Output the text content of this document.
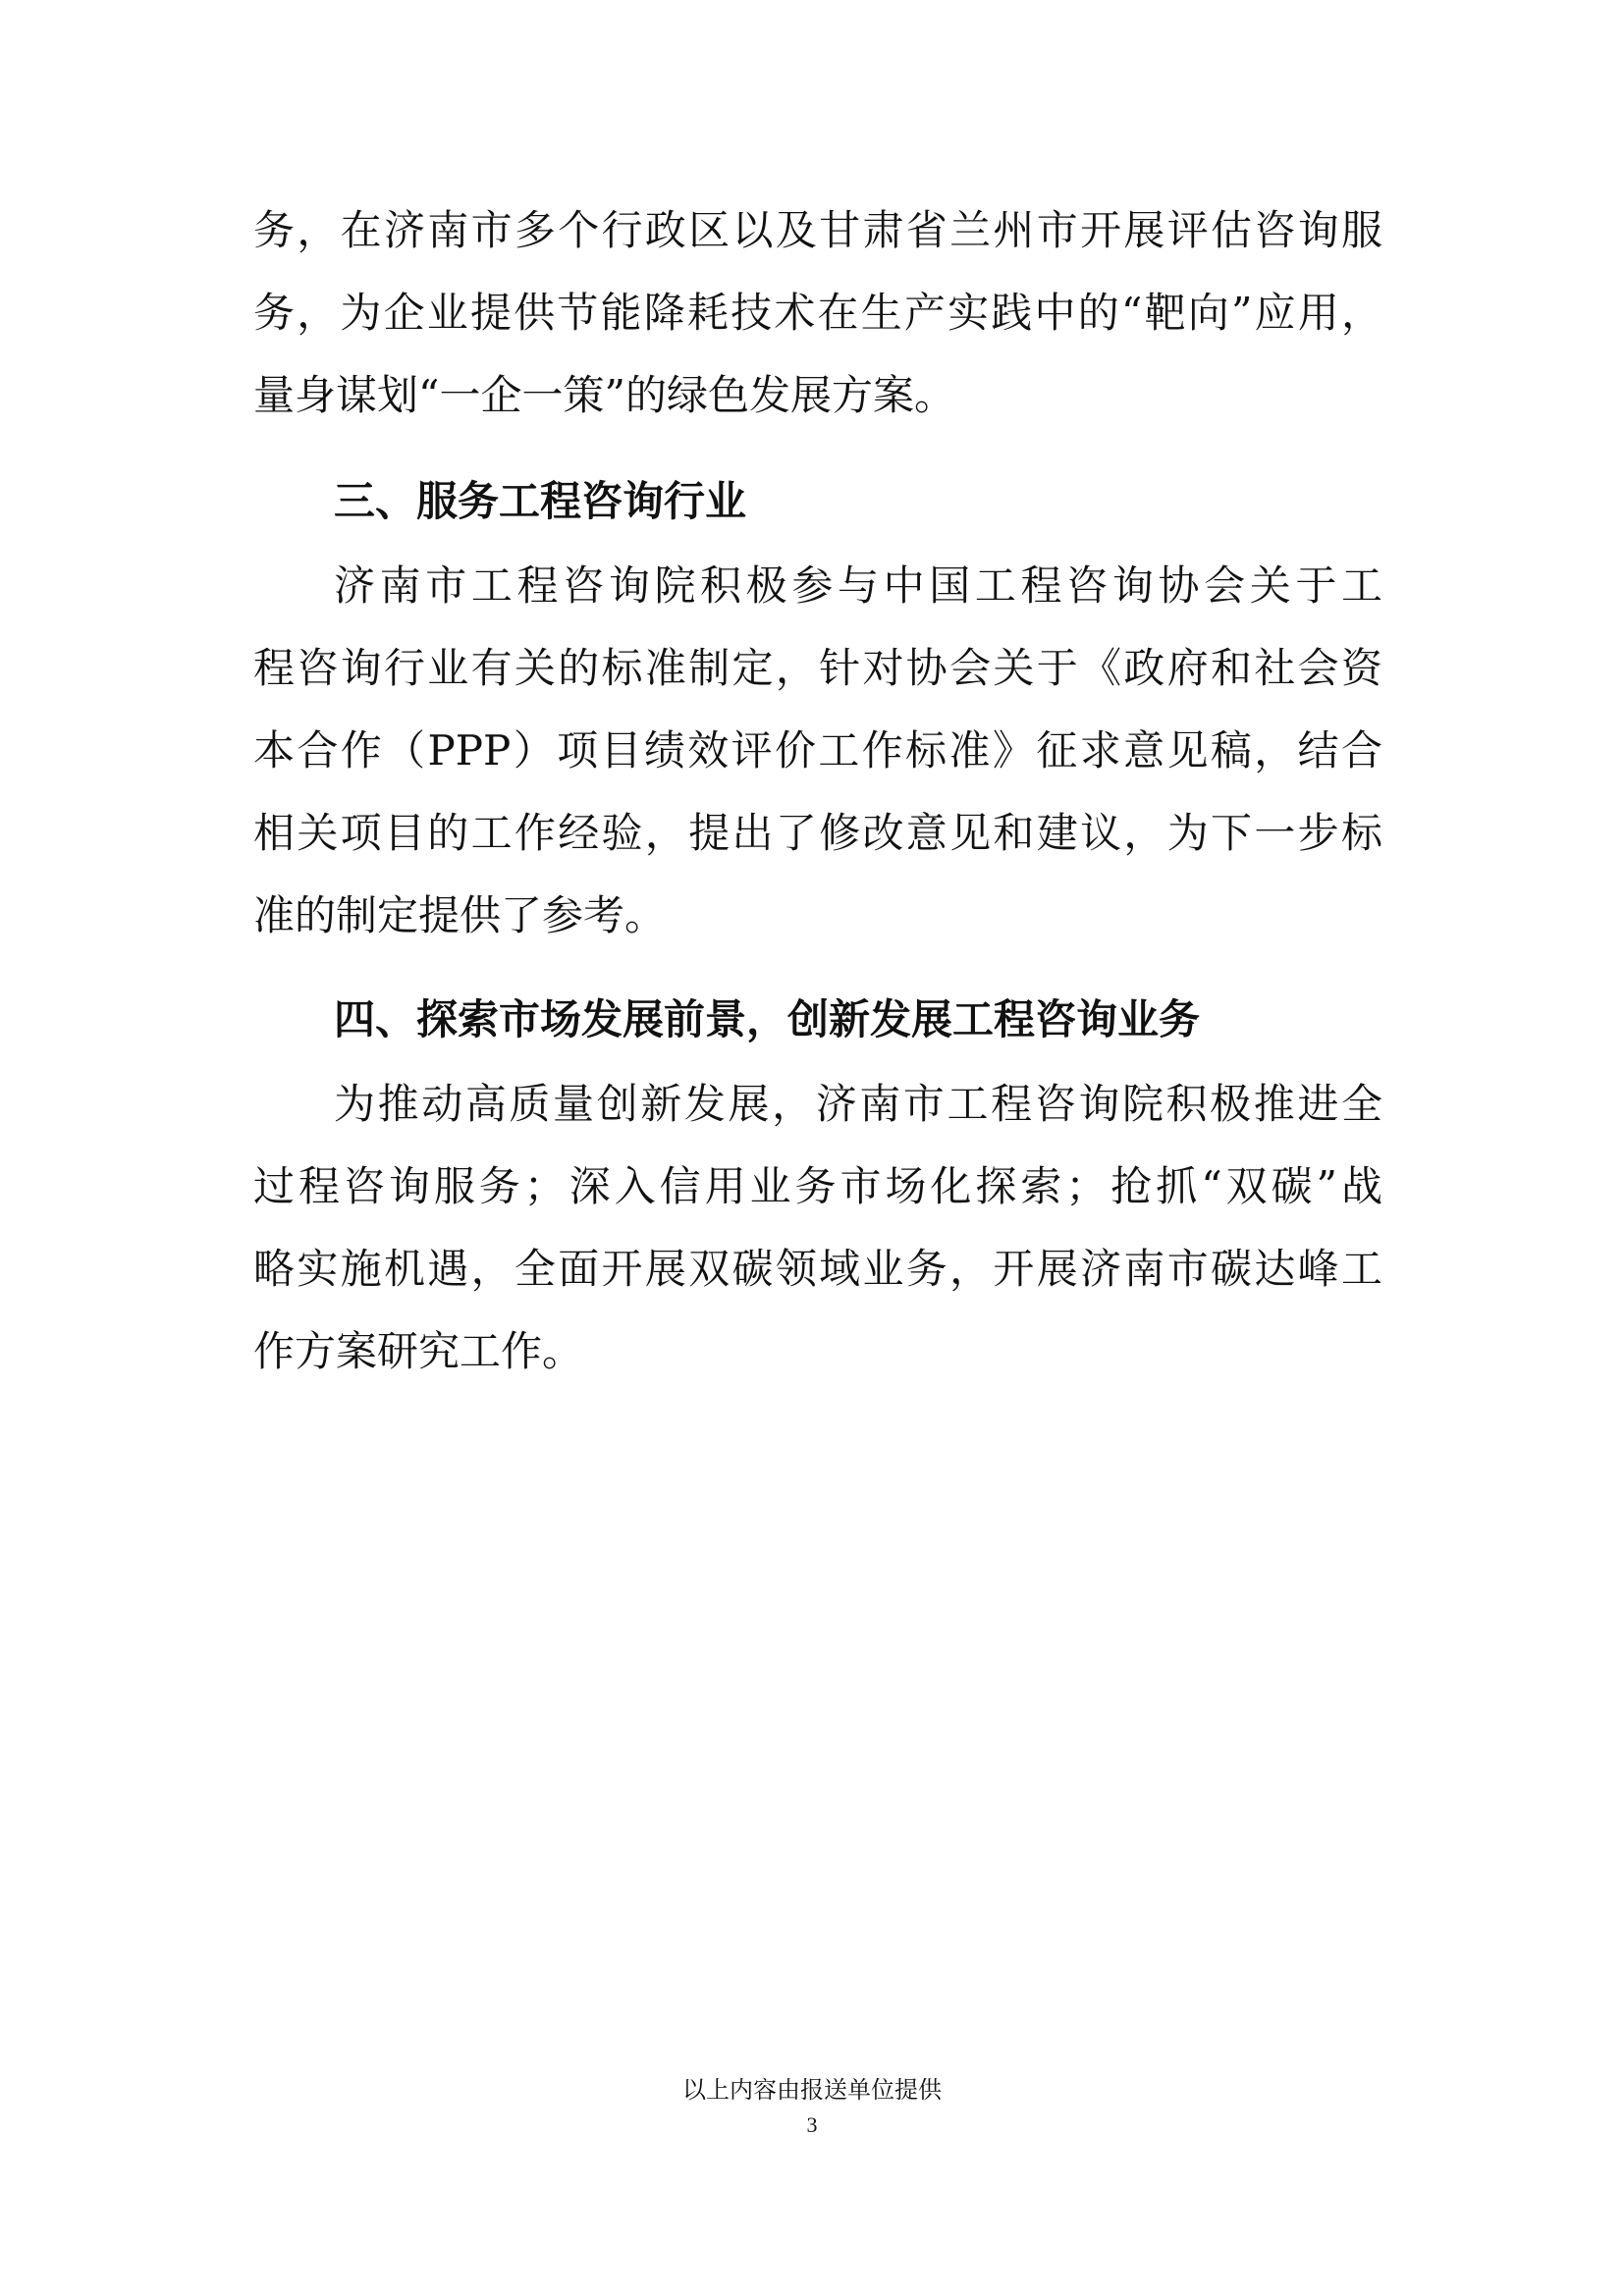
务，在济南市多个行政区以及甘肃省兰州市开展评估咨询服
务，为企业提供节能降耗技术在生产实践中的“靶向”应用，
量身谋划“一企一策”的绿色发展方案。
三、服务工程咨询行业
济南市工程咨询院积极参与中国工程咨询协会关于工
程咨询行业有关的标准制定，针对协会关于《政府和社会资
本合作（PPP）项目绩效评价工作标准》征求意见稿，结合
相关项目的工作经验，提出了修改意见和建议，为下一步标
准的制定提供了参考。
四、探索市场发展前景，创新发展工程咨询业务
为推动高质量创新发展，济南市工程咨询院积极推进全
过程咨询服务；深入信用业务市场化探索；抢抓“双碳”战
略实施机遇，全面开展双碳领域业务，开展济南市碳达峰工
作方案研究工作。
以上内容由报送单位提供
3
